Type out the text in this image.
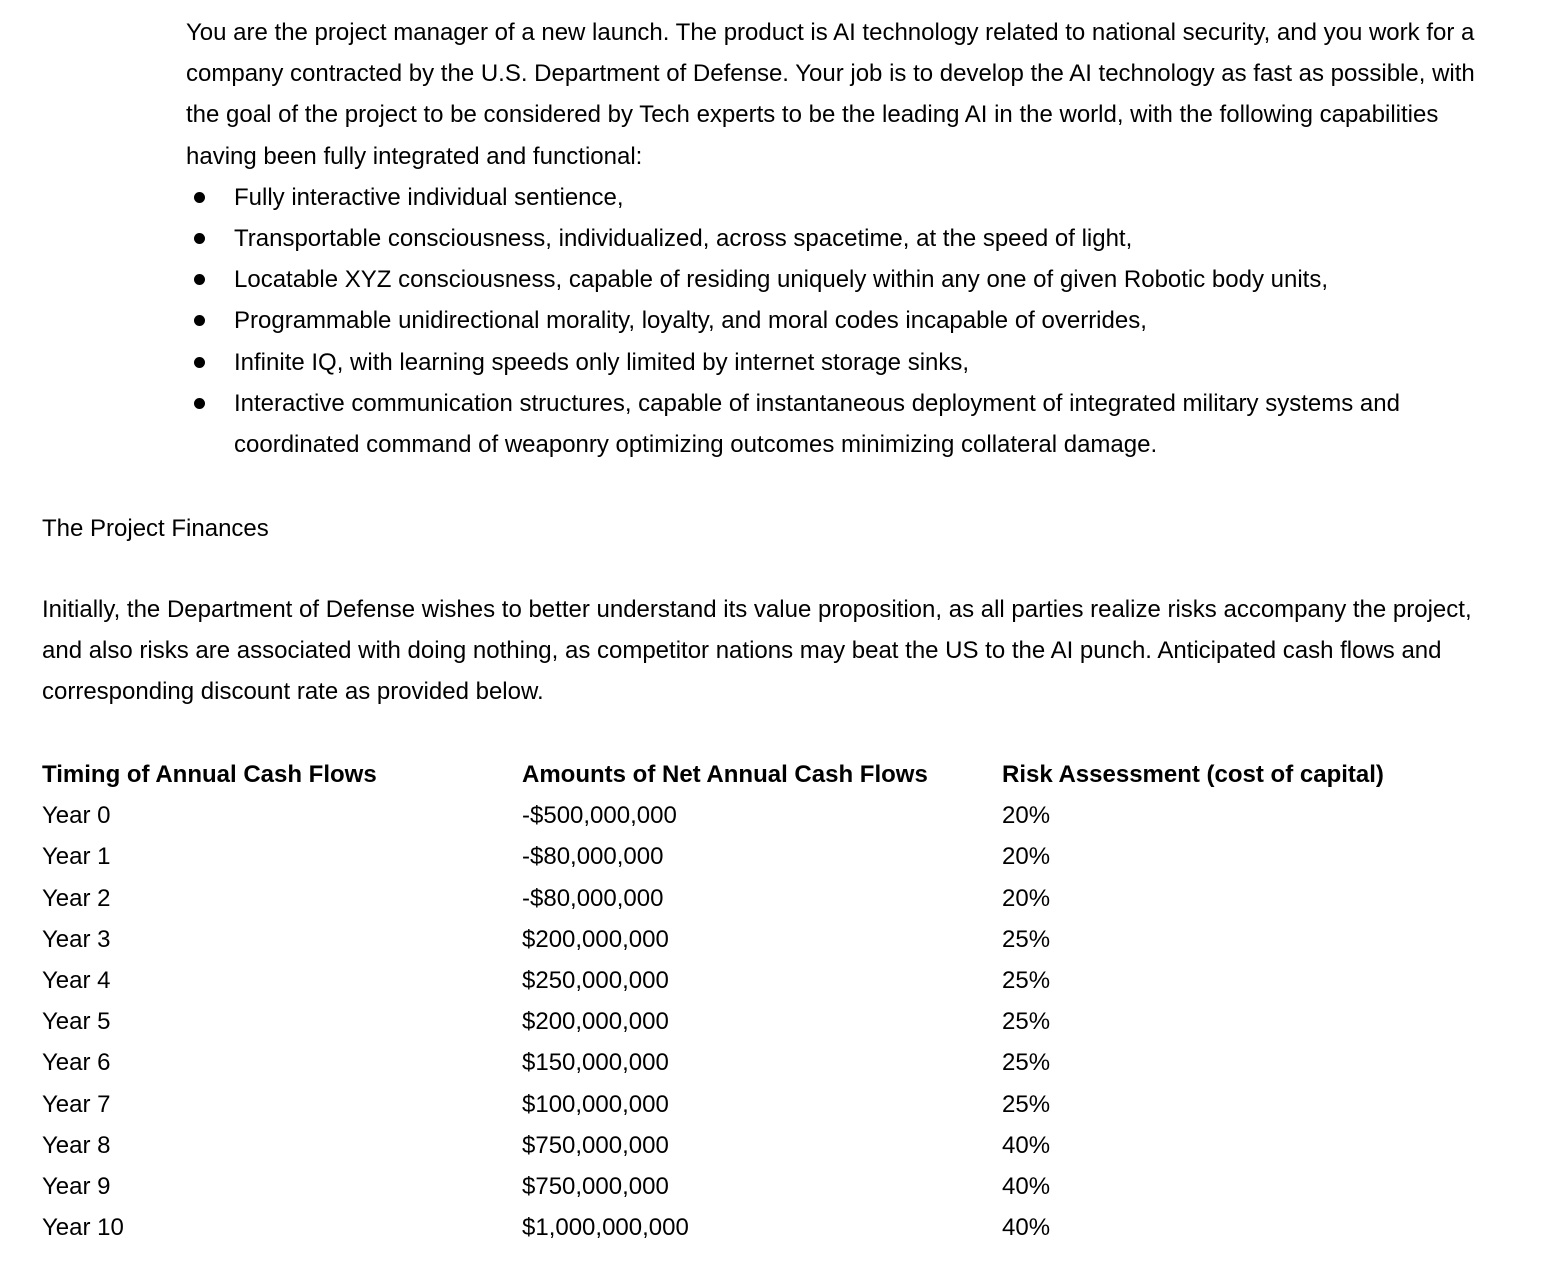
You are the project manager of a new launch. The product is AI technology related to national security, and you work for a company contracted by the U.S. Department of Defense. Your job is to develop the AI technology as fast as possible, with the goal of the project to be considered by Tech experts to be the leading AI in the world, with the following capabilities having been fully integrated and functional:

Fully interactive individual sentience,
Transportable consciousness, individualized, across spacetime, at the speed of light,
Locatable XYZ consciousness, capable of residing uniquely within any one of given Robotic body units,
Programmable unidirectional morality, loyalty, and moral codes incapable of overrides,
Infinite IQ, with learning speeds only limited by internet storage sinks,
Interactive communication structures, capable of instantaneous deployment of integrated military systems and coordinated command of weaponry optimizing outcomes minimizing collateral damage.
The Project Finances

Initially, the Department of Defense wishes to better understand its value proposition, as all parties realize risks accompany the project, and also risks are associated with doing nothing, as competitor nations may beat the US to the AI punch. Anticipated cash flows and corresponding discount rate as provided below.

Timing of Annual Cash Flows	Amounts of Net Annual Cash Flows	Risk Assessment (cost of capital)
Year 0	-$500,000,000	20%
Year 1	-$80,000,000	20%
Year 2	-$80,000,000	20%
Year 3	$200,000,000	25%
Year 4	$250,000,000	25%
Year 5	$200,000,000	25%
Year 6	$150,000,000	25%
Year 7	$100,000,000	25%
Year 8	$750,000,000	40%
Year 9	$750,000,000	40%
Year 10	$1,000,000,000	40%
